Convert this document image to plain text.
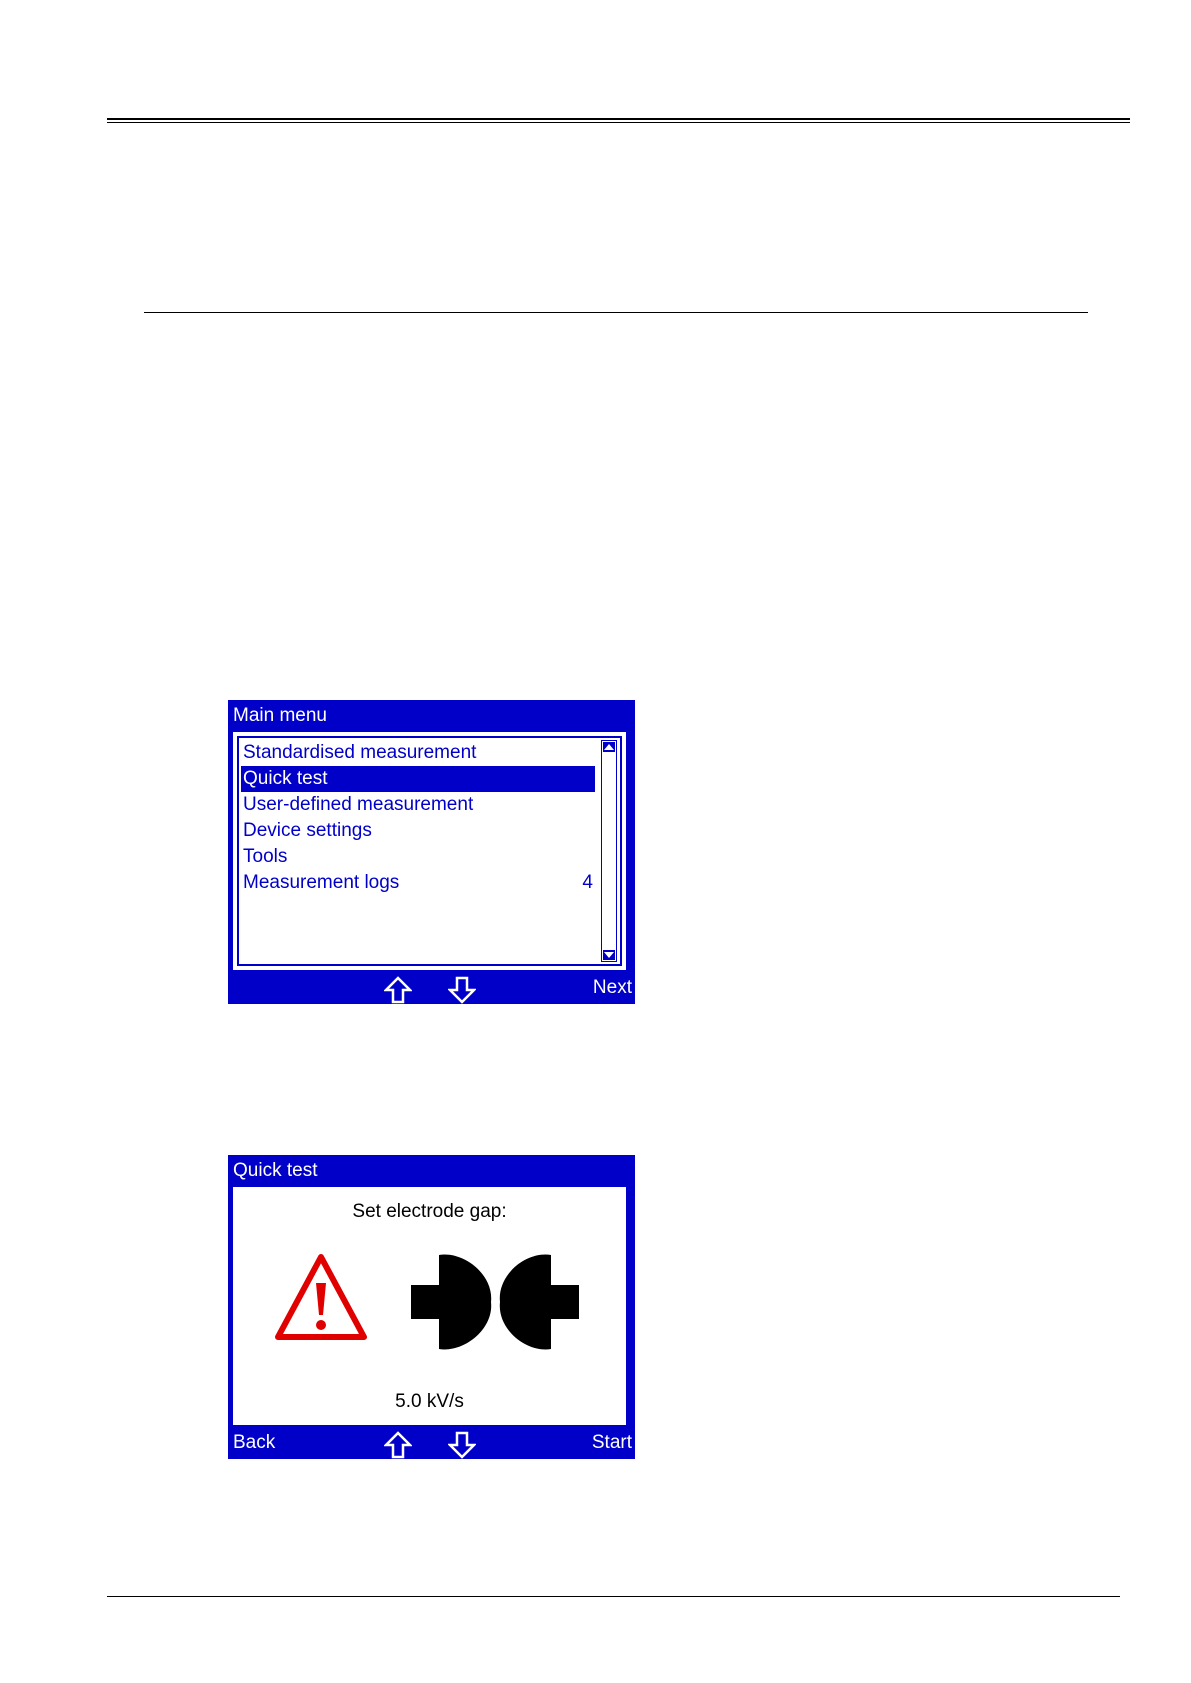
Main menu
Standardised measurement
Quick test
User-defined measurement
Device settings
Tools
Measurement logs	4
Next
Quick test
Set electrode gap:
5.0 kV/s
Back	Start
